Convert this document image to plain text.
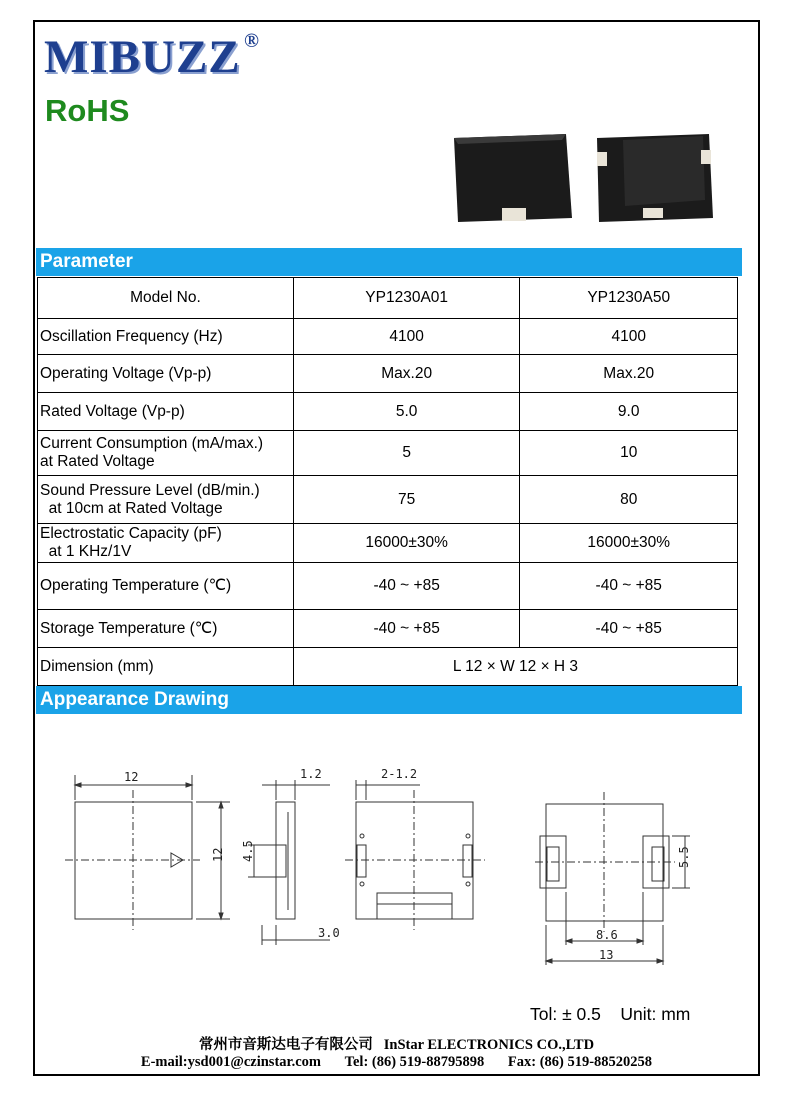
MIBUZZ ®
RoHS
Parameter
Model No.	YP1230A01	YP1230A50

Oscillation Frequency (Hz)	4100	4100

Operating Voltage (Vp-p)	Max.20	Max.20

Rated Voltage (Vp-p)	5.0	9.0

Current Consumption (mA/max.)
at Rated Voltage	5	10

Sound Pressure Level (dB/min.)
at 10cm at Rated Voltage	75	80

Electrostatic Capacity (pF)
at 1 KHz/1V	16000±30%	16000±30%

Operating Temperature (℃)	-40 ~ +85	-40 ~ +85

Storage Temperature (℃)	-40 ~ +85	-40 ~ +85
Dimension (mm)	L 12 × W 12 × H 3	
Appearance Drawing
12
12
1.2
4.5
3.0
2-1.2
5.5
8.6
13
Tol: ± 0.5 Unit: mm
常州市音斯达电子有限公司 InStar ELECTRONICS CO.,LTD
E-mail:ysd001@czinstar.com Tel: (86) 519-88795898 Fax: (86) 519-88520258
